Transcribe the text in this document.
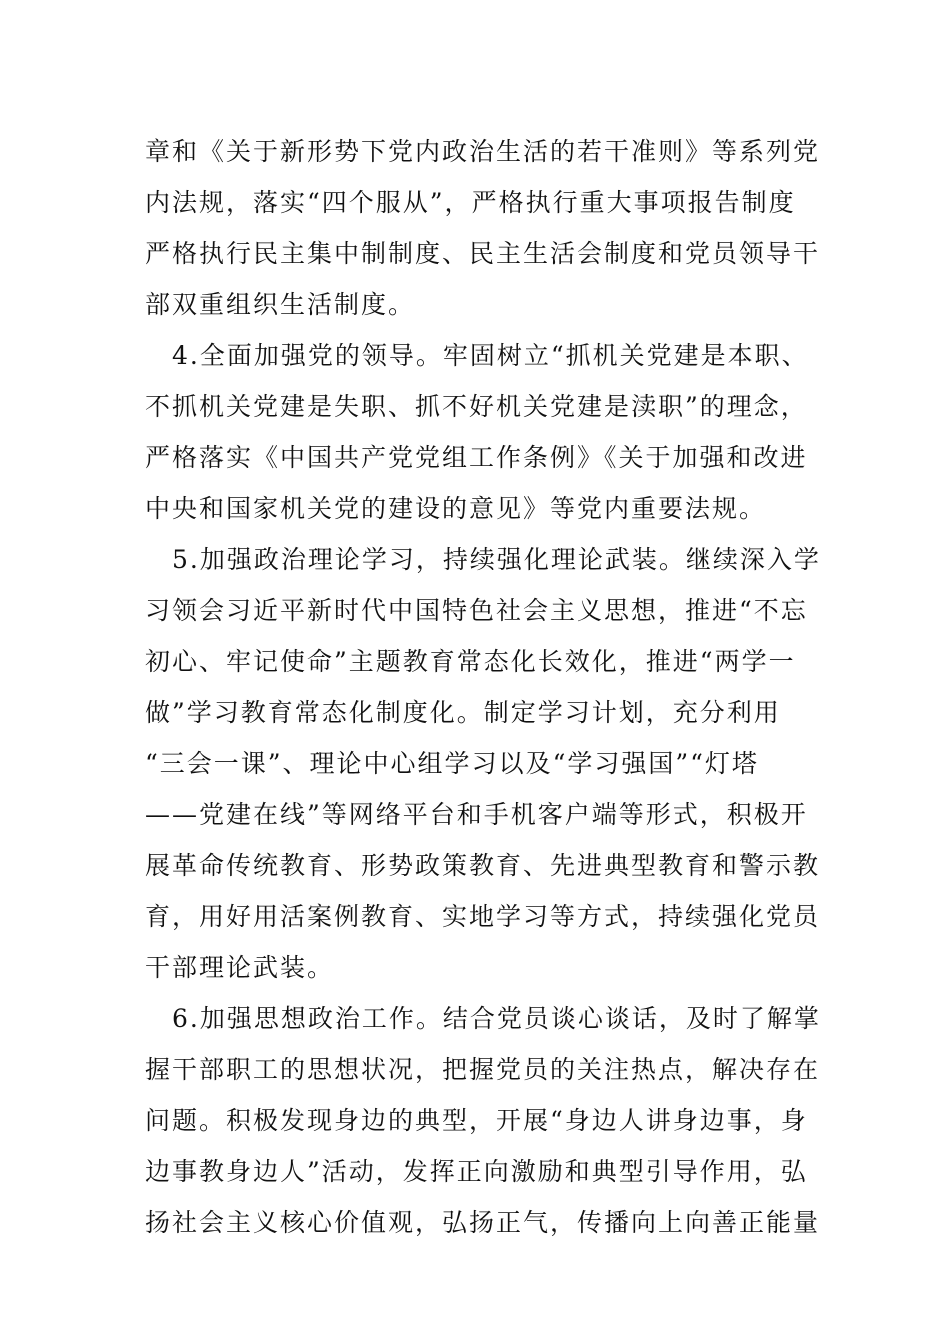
章和《关于新形势下党内政治生活的若干准则》等系列党
内法规，落实“四个服从”，严格执行重大事项报告制度
严格执行民主集中制制度、民主生活会制度和党员领导干
部双重组织生活制度。
　4.全面加强党的领导。牢固树立“抓机关党建是本职、
不抓机关党建是失职、抓不好机关党建是渎职”的理念，
严格落实《中国共产党党组工作条例》《关于加强和改进
中央和国家机关党的建设的意见》等党内重要法规。
　5.加强政治理论学习，持续强化理论武装。继续深入学
习领会习近平新时代中国特色社会主义思想，推进“不忘
初心、牢记使命”主题教育常态化长效化，推进“两学一
做”学习教育常态化制度化。制定学习计划，充分利用
“三会一课”、理论中心组学习以及“学习强国”“灯塔
——党建在线”等网络平台和手机客户端等形式，积极开
展革命传统教育、形势政策教育、先进典型教育和警示教
育，用好用活案例教育、实地学习等方式，持续强化党员
干部理论武装。
　6.加强思想政治工作。结合党员谈心谈话，及时了解掌
握干部职工的思想状况，把握党员的关注热点，解决存在
问题。积极发现身边的典型，开展“身边人讲身边事，身
边事教身边人”活动，发挥正向激励和典型引导作用，弘
扬社会主义核心价值观，弘扬正气，传播向上向善正能量
